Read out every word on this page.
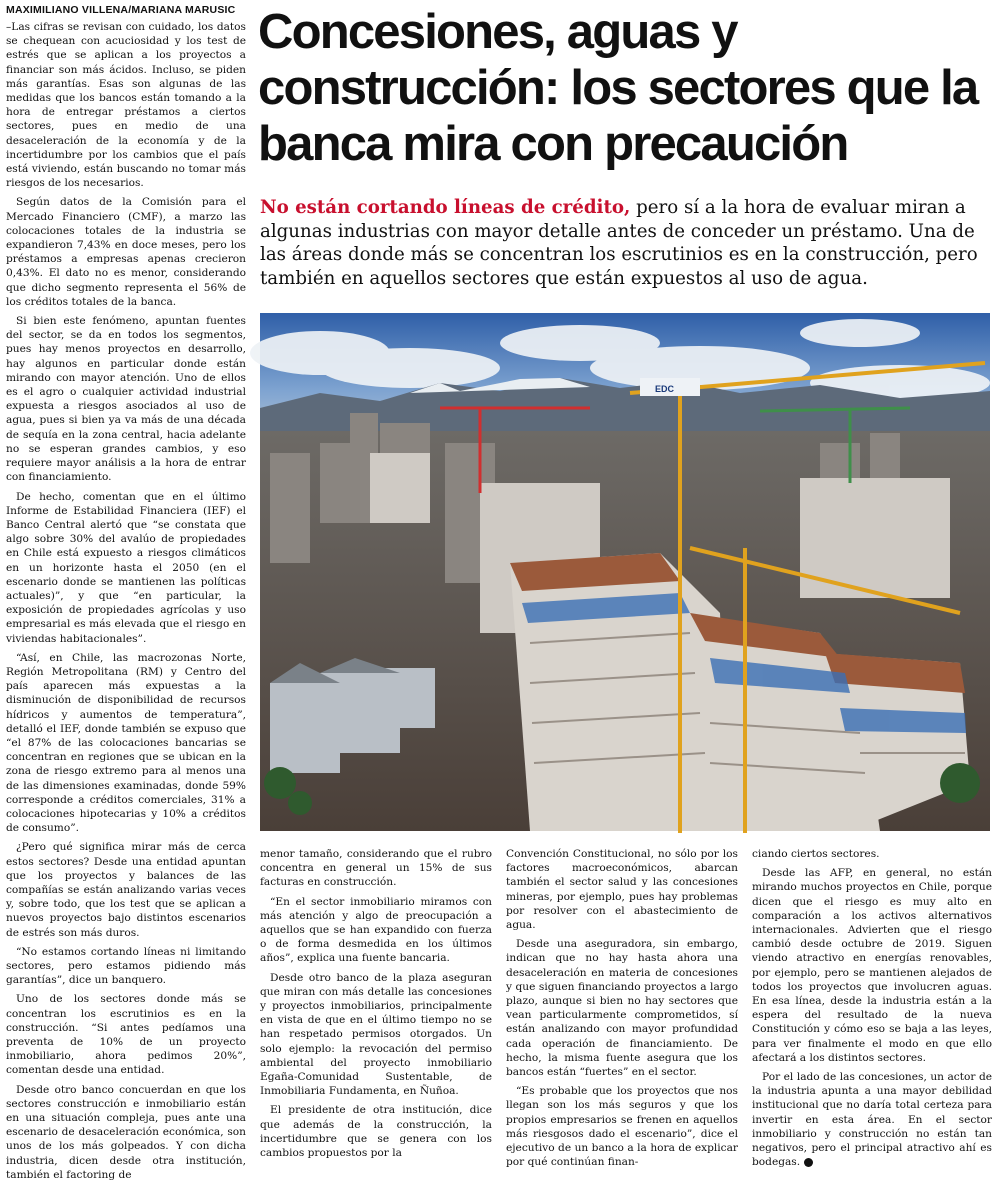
MAXIMILIANO VILLENA/MARIANA MARUSIC Concesiones, aguas y construcción: los sectores que la banca mira con precaución

No están cortando líneas de crédito, pero sí a la hora de evaluar miran a algunas industrias con mayor detalle antes de conceder un préstamo. Una de las áreas donde más se concentran los escrutinios es en la construcción, pero también en aquellos sectores que están expuestos al uso de agua.

EDC

–Las cifras se revisan con cuidado, los datos se chequean con acuciosidad y los test de estrés que se aplican a los proyectos a financiar son más ácidos. Incluso, se piden más garantías. Esas son algunas de las medidas que los bancos están tomando a la hora de entregar préstamos a ciertos sectores, pues en medio de una desaceleración de la economía y de la incertidumbre por los cambios que el país está viviendo, están buscando no tomar más riesgos de los necesarios.

Según datos de la Comisión para el Mercado Financiero (CMF), a marzo las colocaciones totales de la industria se expandieron 7,43% en doce meses, pero los préstamos a empresas apenas crecieron 0,43%. El dato no es menor, considerando que dicho segmento representa el 56% de los créditos totales de la banca.

Si bien este fenómeno, apuntan fuentes del sector, se da en todos los segmentos, pues hay menos proyectos en desarrollo, hay algunos en particular donde están mirando con mayor atención. Uno de ellos es el agro o cualquier actividad industrial expuesta a riesgos asociados al uso de agua, pues si bien ya va más de una década de sequía en la zona central, hacia adelante no se esperan grandes cambios, y eso requiere mayor análisis a la hora de entrar con financiamiento.

De hecho, comentan que en el último Informe de Estabilidad Financiera (IEF) el Banco Central alertó que “se constata que algo sobre 30% del avalúo de propiedades en Chile está expuesto a riesgos climáticos en un horizonte hasta el 2050 (en el escenario donde se mantienen las políticas actuales)”, y que “en particular, la exposición de propiedades agrícolas y uso empresarial es más elevada que el riesgo en viviendas habitacionales”.

“Así, en Chile, las macrozonas Norte, Región Metropolitana (RM) y Centro del país aparecen más expuestas a la disminución de disponibilidad de recursos hídricos y aumentos de temperatura”, detalló el IEF, donde también se expuso que “el 87% de las colocaciones bancarias se concentran en regiones que se ubican en la zona de riesgo extremo para al menos una de las dimensiones examinadas, donde 59% corresponde a créditos comerciales, 31% a colocaciones hipotecarias y 10% a créditos de consumo”.

¿Pero qué significa mirar más de cerca estos sectores? Desde una entidad apuntan que los proyectos y balances de las compañías se están analizando varias veces y, sobre todo, que los test que se aplican a nuevos proyectos bajo distintos escenarios de estrés son más duros.

“No estamos cortando líneas ni limitando sectores, pero estamos pidiendo más garantías”, dice un banquero.

Uno de los sectores donde más se concentran los escrutinios es en la construcción. “Si antes pedíamos una preventa de 10% de un proyecto inmobiliario, ahora pedimos 20%”, comentan desde una entidad.

Desde otro banco concuerdan en que los sectores construcción e inmobiliario están en una situación compleja, pues ante una escenario de desaceleración económica, son unos de los más golpeados. Y con dicha industria, dicen desde otra institución, también el factoring de

menor tamaño, considerando que el rubro concentra en general un 15% de sus facturas en construcción.

“En el sector inmobiliario miramos con más atención y algo de preocupación a aquellos que se han expandido con fuerza o de forma desmedida en los últimos años”, explica una fuente bancaria.

Desde otro banco de la plaza aseguran que miran con más detalle las concesiones y proyectos inmobiliarios, principalmente en vista de que en el último tiempo no se han respetado permisos otorgados. Un solo ejemplo: la revocación del permiso ambiental del proyecto inmobiliario Egaña-Comunidad Sustentable, de Inmobiliaria Fundamenta, en Ñuñoa.

El presidente de otra institución, dice que además de la construcción, la incertidumbre que se genera con los cambios propuestos por la

Convención Constitucional, no sólo por los factores macroeconómicos, abarcan también el sector salud y las concesiones mineras, por ejemplo, pues hay problemas por resolver con el abastecimiento de agua.

Desde una aseguradora, sin embargo, indican que no hay hasta ahora una desaceleración en materia de concesiones y que siguen financiando proyectos a largo plazo, aunque si bien no hay sectores que vean particularmente comprometidos, sí están analizando con mayor profundidad cada operación de financiamiento. De hecho, la misma fuente asegura que los bancos están “fuertes” en el sector.

“Es probable que los proyectos que nos llegan son los más seguros y que los propios empresarios se frenen en aquellos más riesgosos dado el escenario”, dice el ejecutivo de un banco a la hora de explicar por qué continúan finan-

ciando ciertos sectores.

Desde las AFP, en general, no están mirando muchos proyectos en Chile, porque dicen que el riesgo es muy alto en comparación a los activos alternativos internacionales. Advierten que el riesgo cambió desde octubre de 2019. Siguen viendo atractivo en energías renovables, por ejemplo, pero se mantienen alejados de todos los proyectos que involucren aguas. En esa línea, desde la industria están a la espera del resultado de la nueva Constitución y cómo eso se baja a las leyes, para ver finalmente el modo en que ello afectará a los distintos sectores.

Por el lado de las concesiones, un actor de la industria apunta a una mayor debilidad institucional que no daría total certeza para invertir en esta área. En el sector inmobiliario y construcción no están tan negativos, pero el principal atractivo ahí es bodegas. P
